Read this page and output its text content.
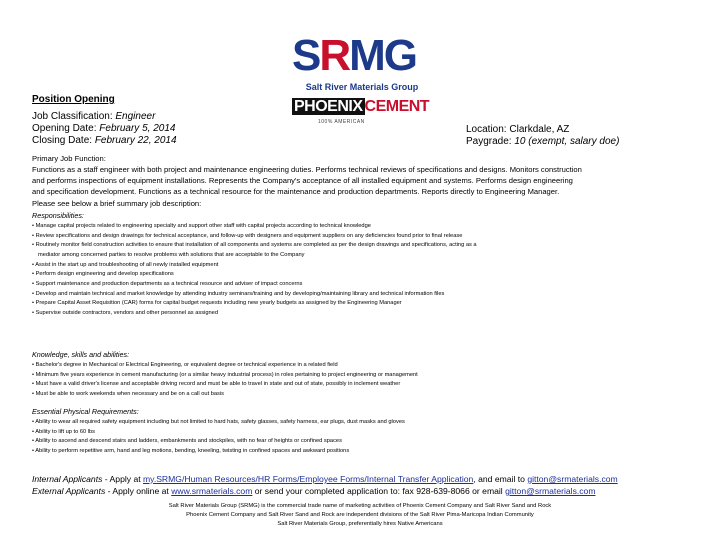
SRMG
Salt River Materials Group
PHOENIX CEMENT
100% AMERICAN
Position Opening
Job Classification: Engineer
Opening Date: February 5, 2014
Closing Date: February 22, 2014
Location: Clarkdale, AZ
Paygrade: 10 (exempt, salary doe)
Primary Job Function:
Functions as a staff engineer with both project and maintenance engineering duties. Performs technical reviews of specifications and designs. Monitors construction
and performs inspections of equipment installations. Represents the Company's acceptance of all installed equipment and systems. Performs design engineering
and specification development. Functions as a technical resource for the maintenance and production departments. Reports directly to Engineering Manager.
Please see below a brief summary job description:
Responsibilities:
• Manage capital projects related to engineering specialty and support other staff with capital projects according to technical knowledge
• Review specifications and design drawings for technical acceptance, and follow-up with designers and equipment suppliers on any deficiencies found prior to final release
• Routinely monitor field construction activities to ensure that installation of all components and systems are completed as per the design drawings and specifications, acting as a
mediator among concerned parties to resolve problems with solutions that are acceptable to the Company
• Assist in the start up and troubleshooting of all newly installed equipment
• Perform design engineering and develop specifications
• Support maintenance and production departments as a technical resource and adviser of impact concerns
• Develop and maintain technical and market knowledge by attending industry seminars/training and by developing/maintaining library and technical information files
• Prepare Capital Asset Requisition (CAR) forms for capital budget requests including new yearly budgets as assigned by the Engineering Manager
• Supervise outside contractors, vendors and other personnel as assigned
Knowledge, skills and abilities:
• Bachelor's degree in Mechanical or Electrical Engineering, or equivalent degree or technical experience in a related field
• Minimum five years experience in cement manufacturing (or a similar heavy industrial process) in roles pertaining to project engineering or management
• Must have a valid driver's license and acceptable driving record and must be able to travel in state and out of state, possibly in inclement weather
• Must be able to work weekends when necessary and be on a call out basis
Essential Physical Requirements:
• Ability to wear all required safety equipment including but not limited to hard hats, safety glasses, safety harness, ear plugs, dust masks and gloves
• Ability to lift up to 60 lbs
• Ability to ascend and descend stairs and ladders, embankments and stockpiles, with no fear of heights or confined spaces
• Ability to perform repetitive arm, hand and leg motions, bending, kneeling, twisting in confined spaces and awkward positions
Internal Applicants - Apply at my.SRMG/Human Resources/HR Forms/Employee Forms/Internal Transfer Application, and email to gitton@srmaterials.com
External Applicants - Apply online at www.srmaterials.com or send your completed application to: fax 928-639-8066 or email gitton@srmaterials.com
Salt River Materials Group (SRMG) is the commercial trade name of marketing activities of Phoenix Cement Company and Salt River Sand and Rock
Phoenix Cement Company and Salt River Sand and Rock are independent divisions of the Salt River Pima-Maricopa Indian Community
Salt River Materials Group, preferentially hires Native Americans
